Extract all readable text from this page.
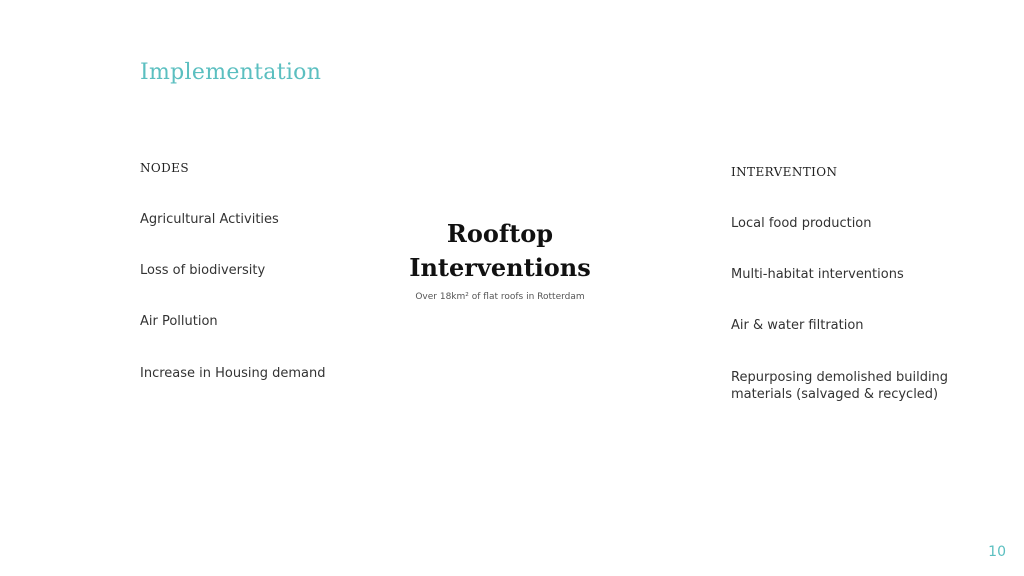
Implementation
NODES
Agricultural Activities
Loss of biodiversity
Air Pollution
Increase in Housing demand
Rooftop
Interventions
Over 18km² of flat roofs in Rotterdam
INTERVENTION
Local food production
Multi-habitat interventions
Air & water filtration
Repurposing demolished building
materials (salvaged & recycled)
10
